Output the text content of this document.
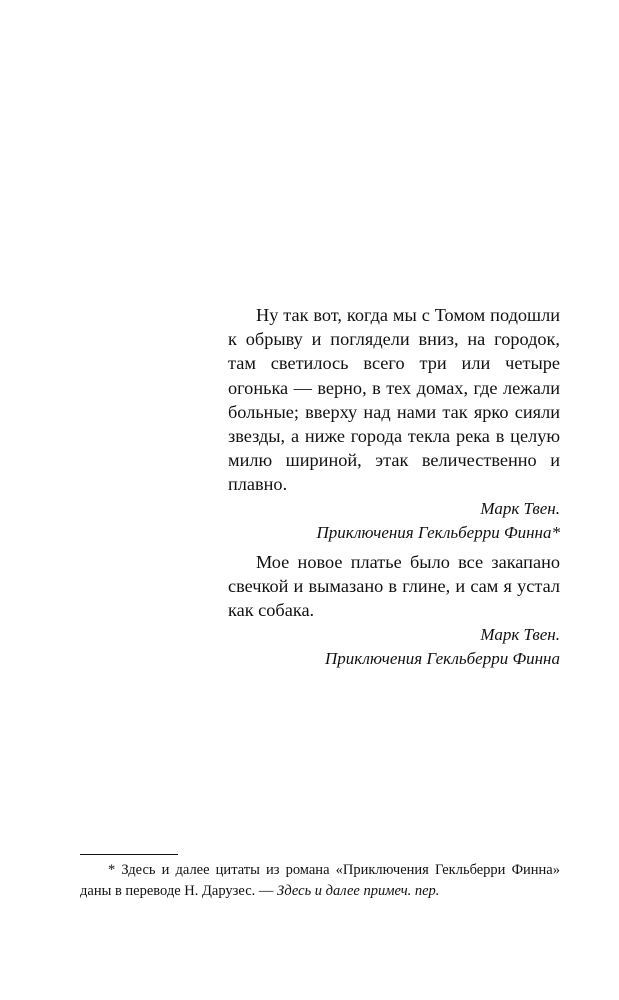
Ну так вот, когда мы с Томом подошли к обрыву и поглядели вниз, на городок, там светилось всего три или четыре огонька — верно, в тех домах, где лежали больные; вверху над нами так ярко сияли звезды, а ниже города текла река в целую милю шириной, этак величественно и плавно.

Марк Твен.

Приключения Гекльберри Финна*

Мое новое платье было все закапано свечкой и вымазано в глине, и сам я устал как собака.

Марк Твен.

Приключения Гекльберри Финна

* Здесь и далее цитаты из романа «Приключения Гекльберри Финна» даны в переводе Н. Дарузес. — Здесь и далее примеч. пер.
